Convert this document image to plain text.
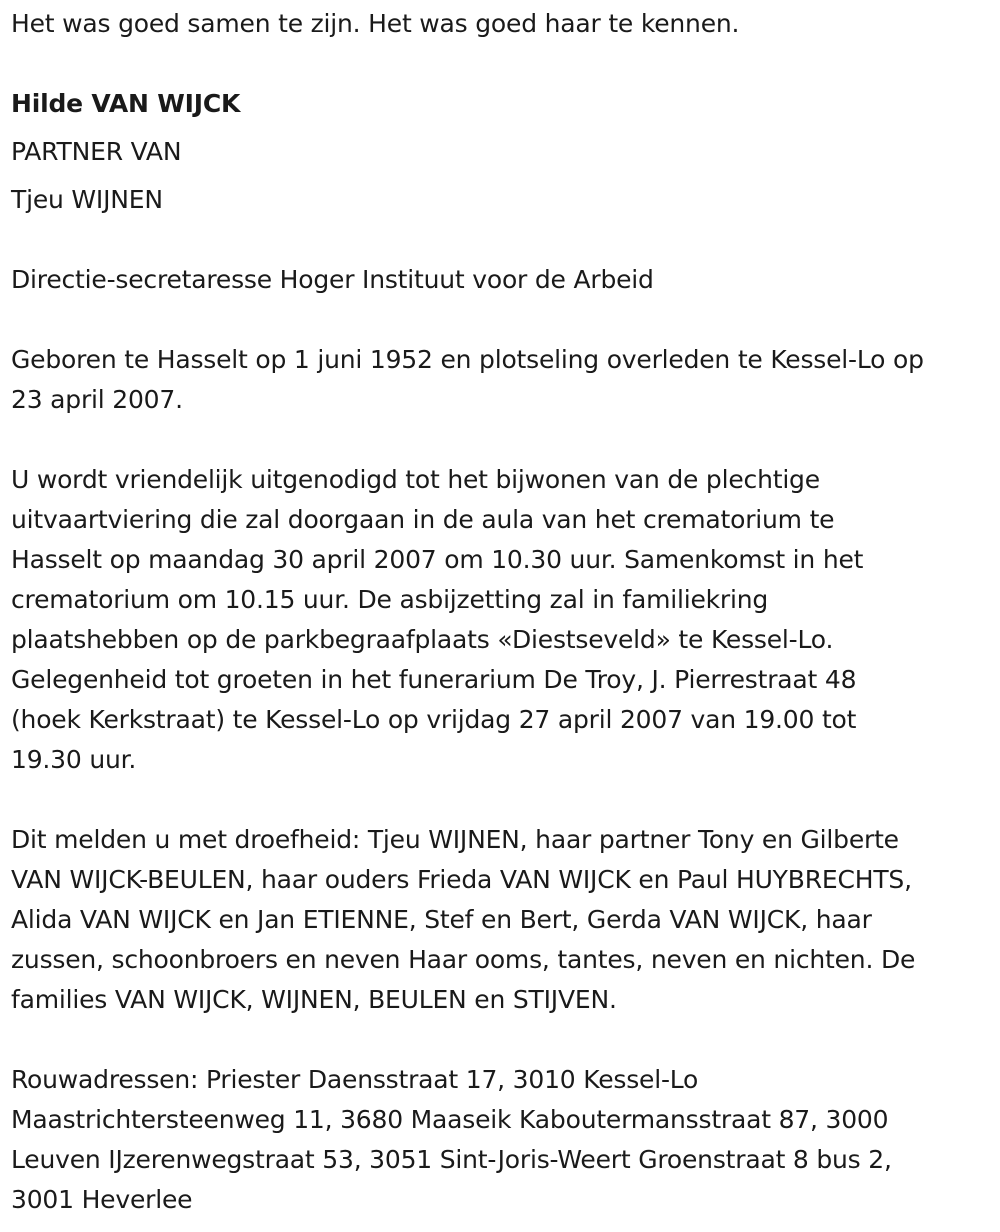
Het was goed samen te zijn. Het was goed haar te kennen.
Hilde VAN WIJCK
PARTNER VAN
Tjeu WIJNEN
Directie-secretaresse Hoger Instituut voor de Arbeid
Geboren te Hasselt op 1 juni 1952 en plotseling overleden te Kessel-Lo op
23 april 2007.
U wordt vriendelijk uitgenodigd tot het bijwonen van de plechtige
uitvaartviering die zal doorgaan in de aula van het crematorium te
Hasselt op maandag 30 april 2007 om 10.30 uur. Samenkomst in het
crematorium om 10.15 uur. De asbijzetting zal in familiekring
plaatshebben op de parkbegraafplaats «Diestseveld» te Kessel-Lo.
Gelegenheid tot groeten in het funerarium De Troy, J. Pierrestraat 48
(hoek Kerkstraat) te Kessel-Lo op vrijdag 27 april 2007 van 19.00 tot
19.30 uur.
Dit melden u met droefheid: Tjeu WIJNEN, haar partner Tony en Gilberte
VAN WIJCK-BEULEN, haar ouders Frieda VAN WIJCK en Paul HUYBRECHTS,
Alida VAN WIJCK en Jan ETIENNE, Stef en Bert, Gerda VAN WIJCK, haar
zussen, schoonbroers en neven Haar ooms, tantes, neven en nichten. De
families VAN WIJCK, WIJNEN, BEULEN en STIJVEN.
Rouwadressen: Priester Daensstraat 17, 3010 Kessel-Lo
Maastrichtersteenweg 11, 3680 Maaseik Kaboutermansstraat 87, 3000
Leuven IJzerenwegstraat 53, 3051 Sint-Joris-Weert Groenstraat 8 bus 2,
3001 Heverlee
